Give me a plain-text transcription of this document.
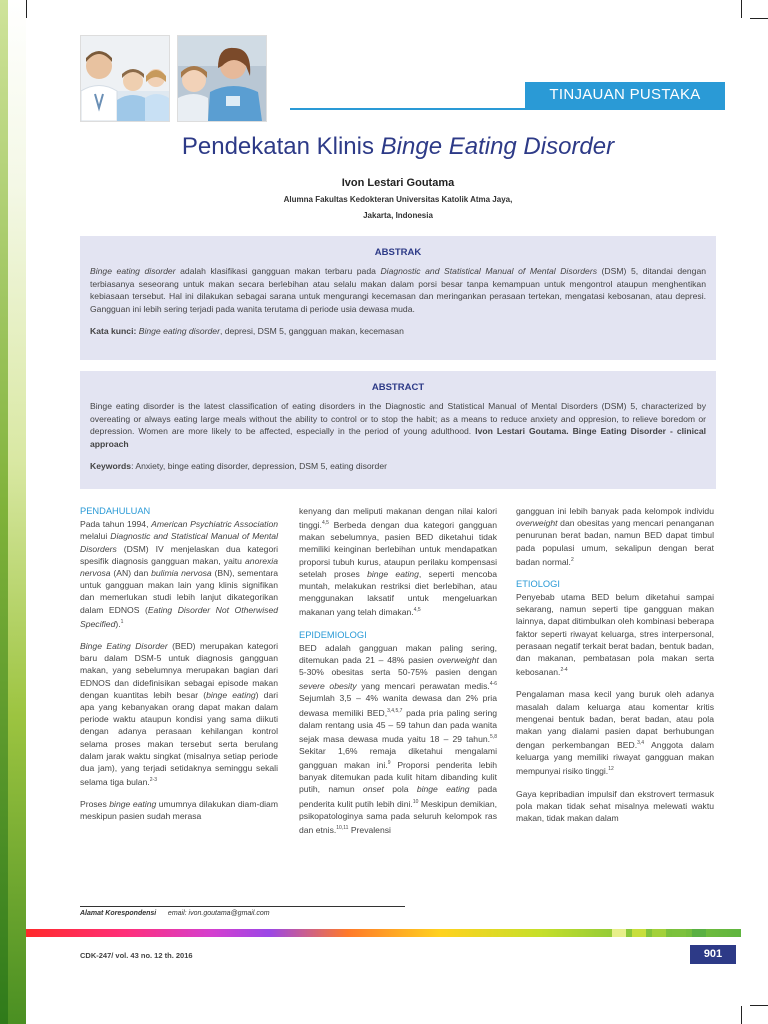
TINJAUAN PUSTAKA
Pendekatan Klinis Binge Eating Disorder
Ivon Lestari Goutama
Alumna Fakultas Kedokteran Universitas Katolik Atma Jaya,
Jakarta, Indonesia
ABSTRAK
Binge eating disorder adalah klasifikasi gangguan makan terbaru pada Diagnostic and Statistical Manual of Mental Disorders (DSM) 5, ditandai dengan terbiasanya seseorang untuk makan secara berlebihan atau selalu makan dalam porsi besar tanpa kemampuan untuk mengontrol ataupun menghentikan kebiasaan tersebut. Hal ini dilakukan sebagai sarana untuk mengurangi kecemasan dan meringankan perasaan tertekan, mengatasi kebosanan, atau depresi. Gangguan ini lebih sering terjadi pada wanita terutama di periode usia dewasa muda.
Kata kunci: Binge eating disorder, depresi, DSM 5, gangguan makan, kecemasan
ABSTRACT
Binge eating disorder is the latest classification of eating disorders in the Diagnostic and Statistical Manual of Mental Disorders (DSM) 5, characterized by overeating or always eating large meals without the ability to control or to stop the habit; as a means to reduce anxiety and oppresion, to relieve boredom or depression. Women are more likely to be affected, especially in the period of young adulthood. Ivon Lestari Goutama. Binge Eating Disorder - clinical approach
Keywords: Anxiety, binge eating disorder, depression, DSM 5, eating disorder
PENDAHULUAN

Pada tahun 1994, American Psychiatric Association melalui Diagnostic and Statistical Manual of Mental Disorders (DSM) IV menjelaskan dua kategori spesifik diagnosis gangguan makan, yaitu anorexia nervosa (AN) dan bulimia nervosa (BN), sementara untuk gangguan makan lain yang klinis signifikan dan memerlukan studi lebih lanjut dikategorikan dalam EDNOS (Eating Disorder Not Otherwised Specified).$^1$

Binge Eating Disorder (BED) merupakan kategori baru dalam DSM-5 untuk diagnosis gangguan makan, yang sebelumnya merupakan bagian dari EDNOS dan didefinisikan sebagai episode makan dengan kuantitas lebih besar (binge eating) dari apa yang kebanyakan orang dapat makan dalam periode waktu ataupun kondisi yang sama diikuti dengan adanya perasaan kehilangan kontrol selama proses makan tersebut serta berulang dalam jarak waktu singkat (misalnya setiap periode dua jam), yang terjadi setidaknya seminggu sekali selama tiga bulan.$^{2-3}$

Proses binge eating umumnya dilakukan diam-diam meskipun pasien sudah merasa

kenyang dan meliputi makanan dengan nilai kalori tinggi.$^{4,5}$ Berbeda dengan dua kategori gangguan makan sebelumnya, pasien BED diketahui tidak memiliki keinginan berlebihan untuk mendapatkan proporsi tubuh kurus, ataupun perilaku kompensasi setelah proses binge eating, seperti mencoba muntah, melakukan restriksi diet berlebihan, atau menggunakan laksatif untuk mengeluarkan makanan yang telah dimakan.$^{4,5}$

EPIDEMIOLOGI

BED adalah gangguan makan paling sering, ditemukan pada 21 – 48% pasien overweight dan 5-30% obesitas serta 50-75% pasien dengan severe obesity yang mencari perawatan medis.$^{4-6}$ Sejumlah 3,5 – 4% wanita dewasa dan 2% pria dewasa memiliki BED,$^{3,4,5,7}$ pada pria paling sering dalam rentang usia 45 – 59 tahun dan pada wanita sejak masa dewasa muda yaitu 18 – 29 tahun.$^{5,8}$ Sekitar 1,6% remaja diketahui mengalami gangguan makan ini.$^9$ Proporsi penderita lebih banyak ditemukan pada kulit hitam dibanding kulit putih, namun onset pola binge eating pada penderita kulit putih lebih dini.$^{10}$ Meskipun demikian, psikopatologinya sama pada seluruh kelompok ras dan etnis.$^{10,11}$ Prevalensi

gangguan ini lebih banyak pada kelompok individu overweight dan obesitas yang mencari penanganan penurunan berat badan, namun BED dapat timbul pada populasi umum, sekalipun dengan berat badan normal.$^2$

ETIOLOGI

Penyebab utama BED belum diketahui sampai sekarang, namun seperti tipe gangguan makan lainnya, dapat ditimbulkan oleh kombinasi beberapa faktor seperti riwayat keluarga, stres interpersonal, perasaan negatif terkait berat badan, bentuk badan, dan makanan, pembatasan pola makan serta kebosanan.$^{2-4}$

Pengalaman masa kecil yang buruk oleh adanya masalah dalam keluarga atau komentar kritis mengenai bentuk badan, berat badan, atau pola makan yang dialami pasien dapat berhubungan dengan perkembangan BED.$^{3,4}$ Anggota dalam keluarga yang memiliki riwayat gangguan makan mempunyai risiko tinggi.$^{12}$

Gaya kepribadian impulsif dan ekstrovert termasuk pola makan tidak sehat misalnya melewati waktu makan, tidak makan dalam

Alamat Korespondensi email: ivon.goutama@gmail.com
CDK-247/ vol. 43 no. 12 th. 2016	901
